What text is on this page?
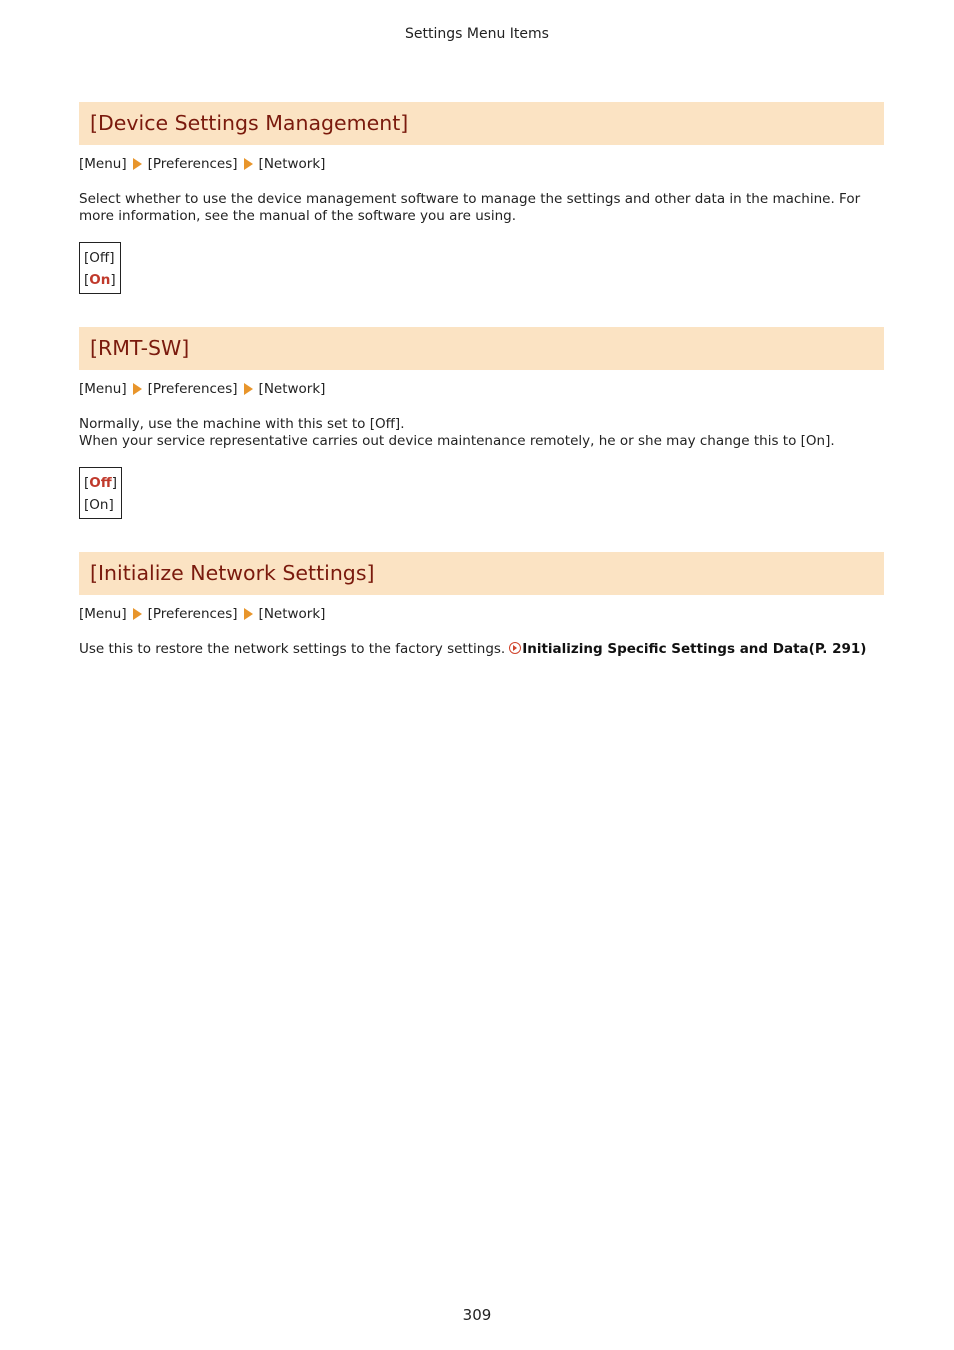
Settings Menu Items
[Device Settings Management]
[Menu] [Preferences] [Network]

Select whether to use the device management software to manage the settings and other data in the machine. For more information, see the manual of the software you are using.

[Off]
[On]
[RMT-SW]
[Menu] [Preferences] [Network]

Normally, use the machine with this set to [Off].

When your service representative carries out device maintenance remotely, he or she may change this to [On].

[Off]
[On]
[Initialize Network Settings]
[Menu] [Preferences] [Network]

Use this to restore the network settings to the factory settings. Initializing Specific Settings and Data(P. 291)

309
